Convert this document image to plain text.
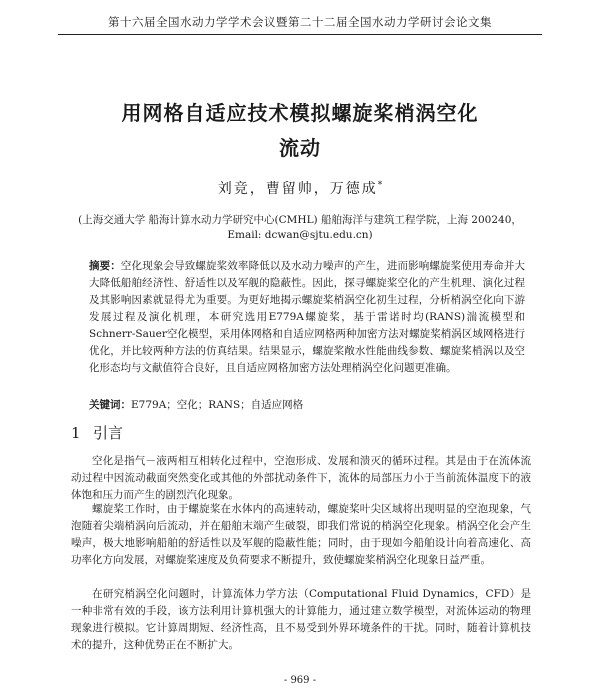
第十六届全国水动力学学术会议暨第二十二届全国水动力学研讨会论文集
用网格自适应技术模拟螺旋桨梢涡空化
流动
刘竞，曹留帅，万德成*
(上海交通大学 船海计算水动力学研究中心(CMHL) 船舶海洋与建筑工程学院，上海 200240，
Email: dcwan@sjtu.edu.cn)

摘要：空化现象会导致螺旋桨效率降低以及水动力噪声的产生，进而影响螺旋桨使用寿命并大大降低船舶经济性、舒适性以及军舰的隐蔽性。因此，探寻螺旋桨空化的产生机理、演化过程及其影响因素就显得尤为重要。为更好地揭示螺旋桨梢涡空化初生过程，分析梢涡空化向下游发展过程及演化机理，本研究选用E779A螺旋桨，基于雷诺时均(RANS)湍流模型和Schnerr-Sauer空化模型，采用体网格和自适应网格两种加密方法对螺旋桨梢涡区域网格进行优化，并比较两种方法的仿真结果。结果显示，螺旋桨敞水性能曲线参数、螺旋桨梢涡以及空化形态均与文献值符合良好，且自适应网格加密方法处理梢涡空化问题更准确。

关键词：E779A；空化；RANS；自适应网格

1 引言

空化是指气－液两相互相转化过程中，空泡形成、发展和溃灭的循环过程。其是由于在流体流动过程中因流动截面突然变化或其他的外部扰动条件下，流体的局部压力小于当前流体温度下的液体饱和压力而产生的剧烈汽化现象。

螺旋桨工作时，由于螺旋桨在水体内的高速转动，螺旋桨叶尖区域将出现明显的空泡现象，气泡随着尖端梢涡向后流动，并在船舶末端产生破裂，即我们常说的梢涡空化现象。梢涡空化会产生噪声，极大地影响船舶的舒适性以及军舰的隐蔽性能；同时，由于现如今船舶设计向着高速化、高功率化方向发展，对螺旋桨速度及负荷要求不断提升，致使螺旋桨梢涡空化现象日益严重。

在研究梢涡空化问题时，计算流体力学方法（Computational Fluid Dynamics，CFD）是一种非常有效的手段，该方法利用计算机强大的计算能力，通过建立数学模型，对流体运动的物理现象进行模拟。它计算周期短、经济性高，且不易受到外界环境条件的干扰。同时，随着计算机技术的提升，这种优势正在不断扩大。

- 969 -
